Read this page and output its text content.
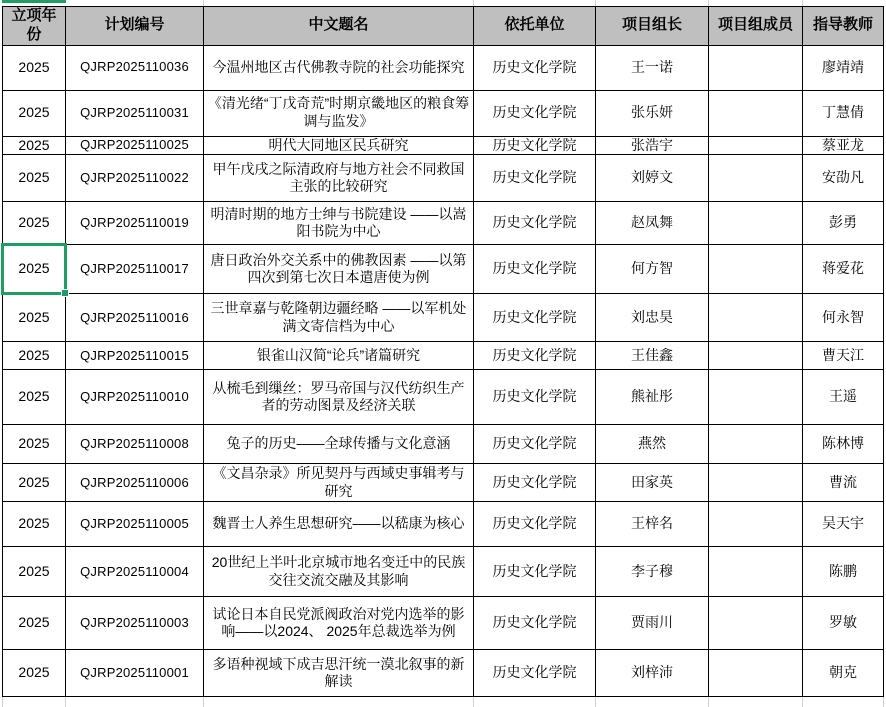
立项年份	计划编号	中文题名	依托单位	项目组长	项目组成员	指导教师
2025	QJRP2025110036	今温州地区古代佛教寺院的社会功能探究	历史文化学院	王一诺		廖靖靖
2025	QJRP2025110031	《清光绪“丁戊奇荒”时期京畿地区的粮食筹调与监发》	历史文化学院	张乐妍		丁慧倩
2025	QJRP2025110025	明代大同地区民兵研究	历史文化学院	张浩宇		蔡亚龙
2025	QJRP2025110022	甲午戊戌之际清政府与地方社会不同救国主张的比较研究	历史文化学院	刘婷文		安劭凡
2025	QJRP2025110019	明清时期的地方士绅与书院建设 ——以嵩阳书院为中心	历史文化学院	赵凤舞		彭勇
2025	QJRP2025110017	唐日政治外交关系中的佛教因素 ——以第四次到第七次日本遣唐使为例	历史文化学院	何方智		蒋爱花
2025	QJRP2025110016	三世章嘉与乾隆朝边疆经略 ——以军机处满文寄信档为中心	历史文化学院	刘忠昊		何永智
2025	QJRP2025110015	银雀山汉简“论兵”诸篇研究	历史文化学院	王佳鑫		曹天江
2025	QJRP2025110010	从梳毛到缫丝：罗马帝国与汉代纺织生产者的劳动图景及经济关联	历史文化学院	熊祉彤		王遥
2025	QJRP2025110008	兔子的历史——全球传播与文化意涵	历史文化学院	燕然		陈林博
2025	QJRP2025110006	《文昌杂录》所见契丹与西域史事辑考与研究	历史文化学院	田家英		曹流
2025	QJRP2025110005	魏晋士人养生思想研究——以嵇康为核心	历史文化学院	王梓名		吴天宇
2025	QJRP2025110004	20世纪上半叶北京城市地名变迁中的民族交往交流交融及其影响	历史文化学院	李子穆		陈鹏
2025	QJRP2025110003	试论日本自民党派阀政治对党内选举的影响——以2024、 2025年总裁选举为例	历史文化学院	贾雨川		罗敏
2025	QJRP2025110001	多语种视域下成吉思汗统一漠北叙事的新解读	历史文化学院	刘梓沛		朝克
